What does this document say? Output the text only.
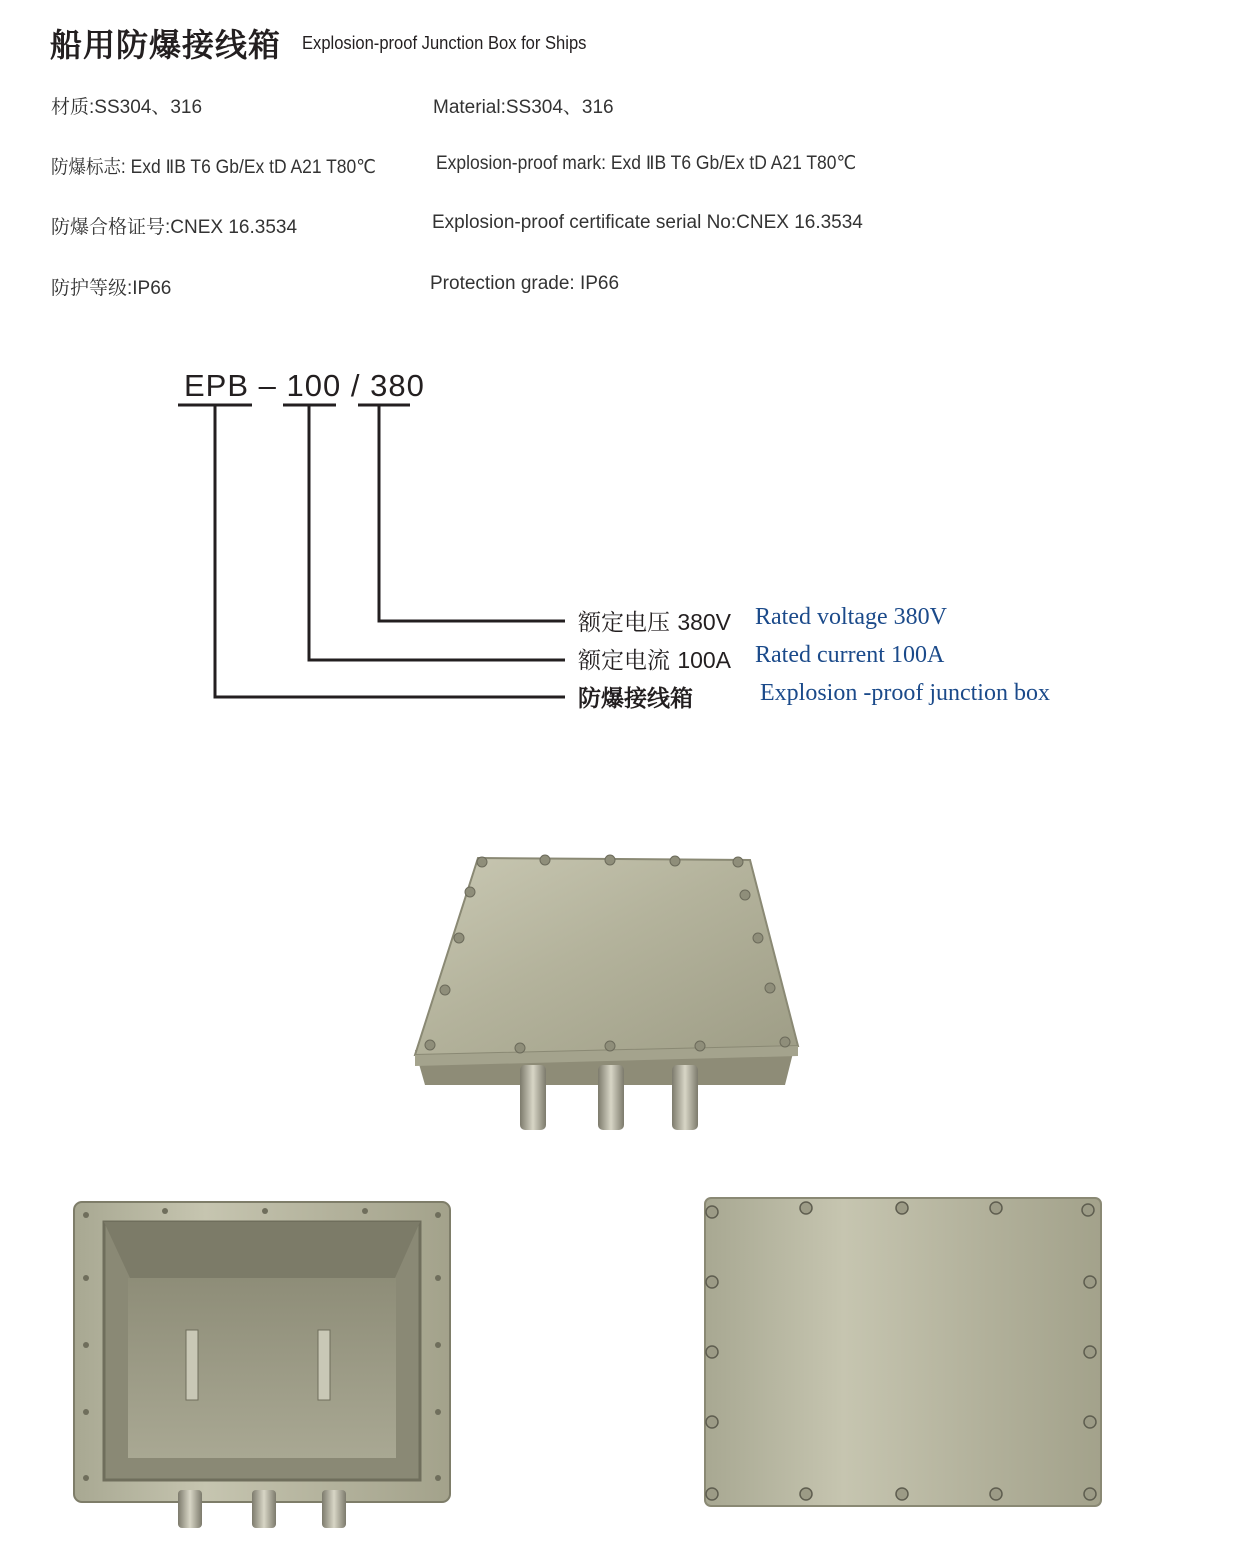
船用防爆接线箱 Explosion-proof Junction Box for Ships
材质:SS304、316	Material:SS304、316
防爆标志: Exd ⅡB T6 Gb/Ex tD A21 T80℃	Explosion-proof mark: Exd ⅡB T6 Gb/Ex tD A21 T80℃
防爆合格证号:CNEX 16.3534	Explosion-proof certificate serial No:CNEX 16.3534
防护等级:IP66	Protection grade: IP66
EPB – 100 / 380
额定电压 380V Rated voltage 380V
额定电流 100A Rated current 100A
防爆接线箱	Explosion -proof junction box
